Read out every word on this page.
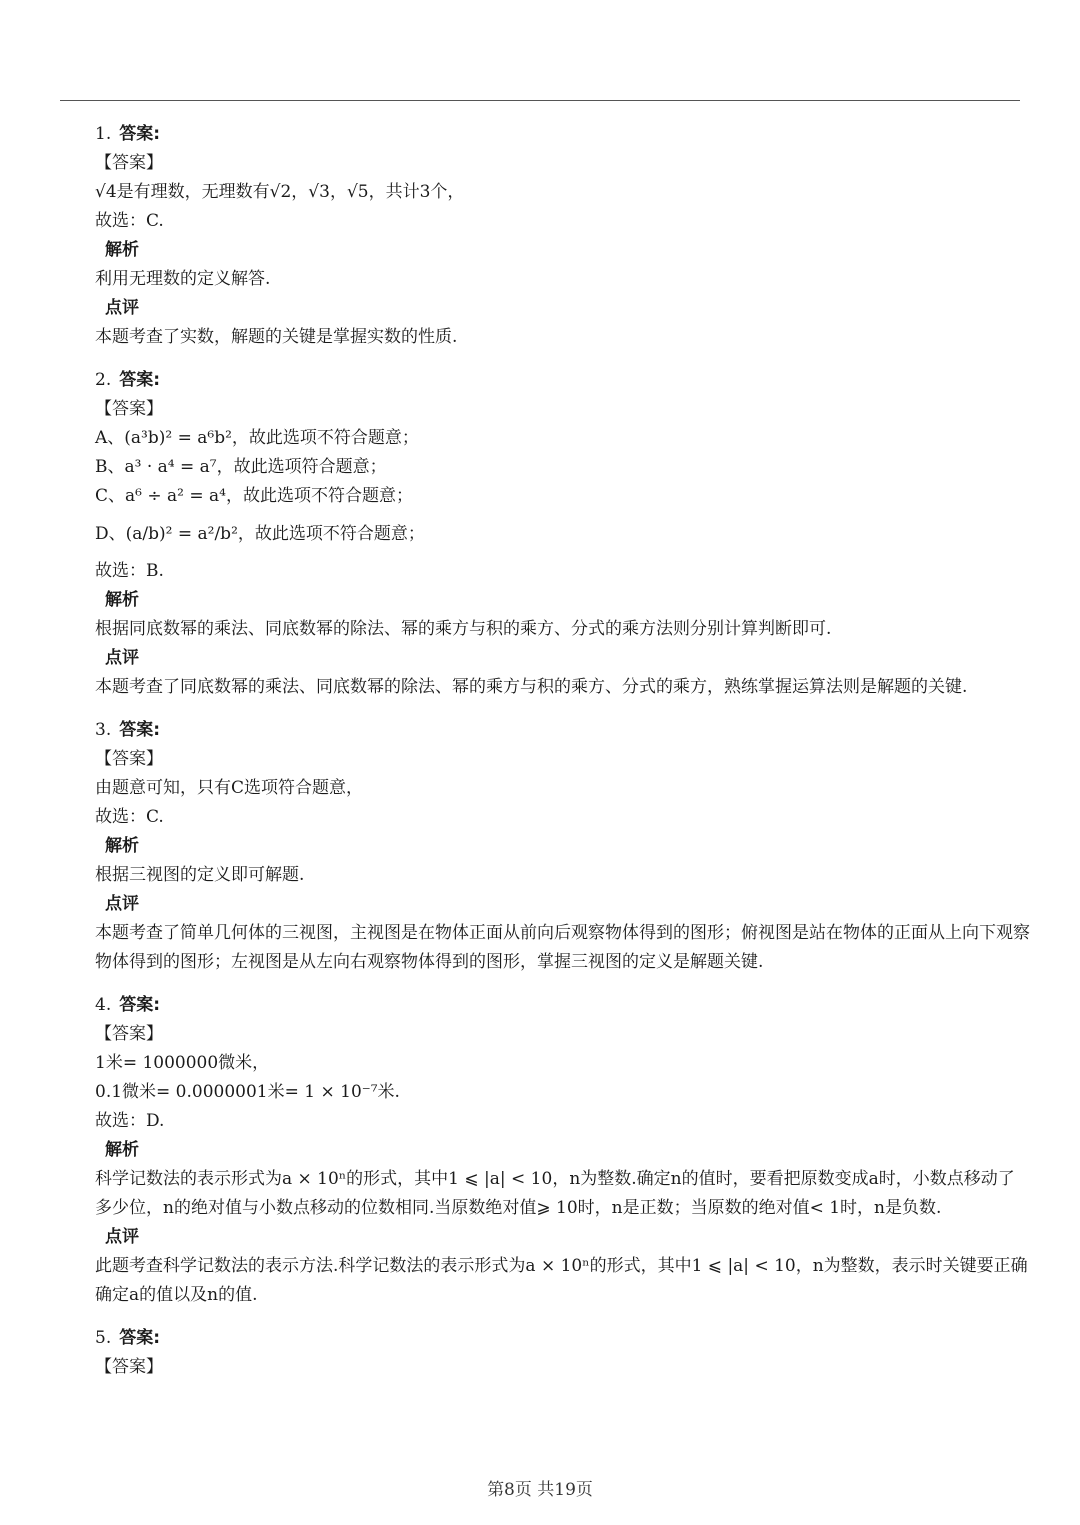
1. 答案:
【答案】
√4是有理数，无理数有√2，√3，√5，共计3个，
故选：C.
解析
利用无理数的定义解答.
点评
本题考查了实数，解题的关键是掌握实数的性质.
2. 答案:
【答案】
A、(a³b)² = a⁶b²，故此选项不符合题意；
B、a³ · a⁴ = a⁷，故此选项符合题意；
C、a⁶ ÷ a² = a⁴，故此选项不符合题意；
D、(a/b)² = a²/b²，故此选项不符合题意；
故选：B.
解析
根据同底数幂的乘法、同底数幂的除法、幂的乘方与积的乘方、分式的乘方法则分别计算判断即可.
点评
本题考查了同底数幂的乘法、同底数幂的除法、幂的乘方与积的乘方、分式的乘方，熟练掌握运算法则是解题的关键.
3. 答案:
【答案】
由题意可知，只有C选项符合题意，
故选：C.
解析
根据三视图的定义即可解题.
点评
本题考查了简单几何体的三视图，主视图是在物体正面从前向后观察物体得到的图形；俯视图是站在物体的正面从上向下观察物体得到的图形；左视图是从左向右观察物体得到的图形，掌握三视图的定义是解题关键.
4. 答案:
【答案】
1米= 1000000微米，
0.1微米= 0.0000001米= 1 × 10⁻⁷米.
故选：D.
解析
科学记数法的表示形式为a × 10ⁿ的形式，其中1 ⩽ |a| < 10，n为整数.确定n的值时，要看把原数变成a时，小数点移动了多少位，n的绝对值与小数点移动的位数相同.当原数绝对值⩾ 10时，n是正数；当原数的绝对值< 1时，n是负数.
点评
此题考查科学记数法的表示方法.科学记数法的表示形式为a × 10ⁿ的形式，其中1 ⩽ |a| < 10，n为整数，表示时关键要正确确定a的值以及n的值.
5. 答案:
【答案】
第8页 共19页
